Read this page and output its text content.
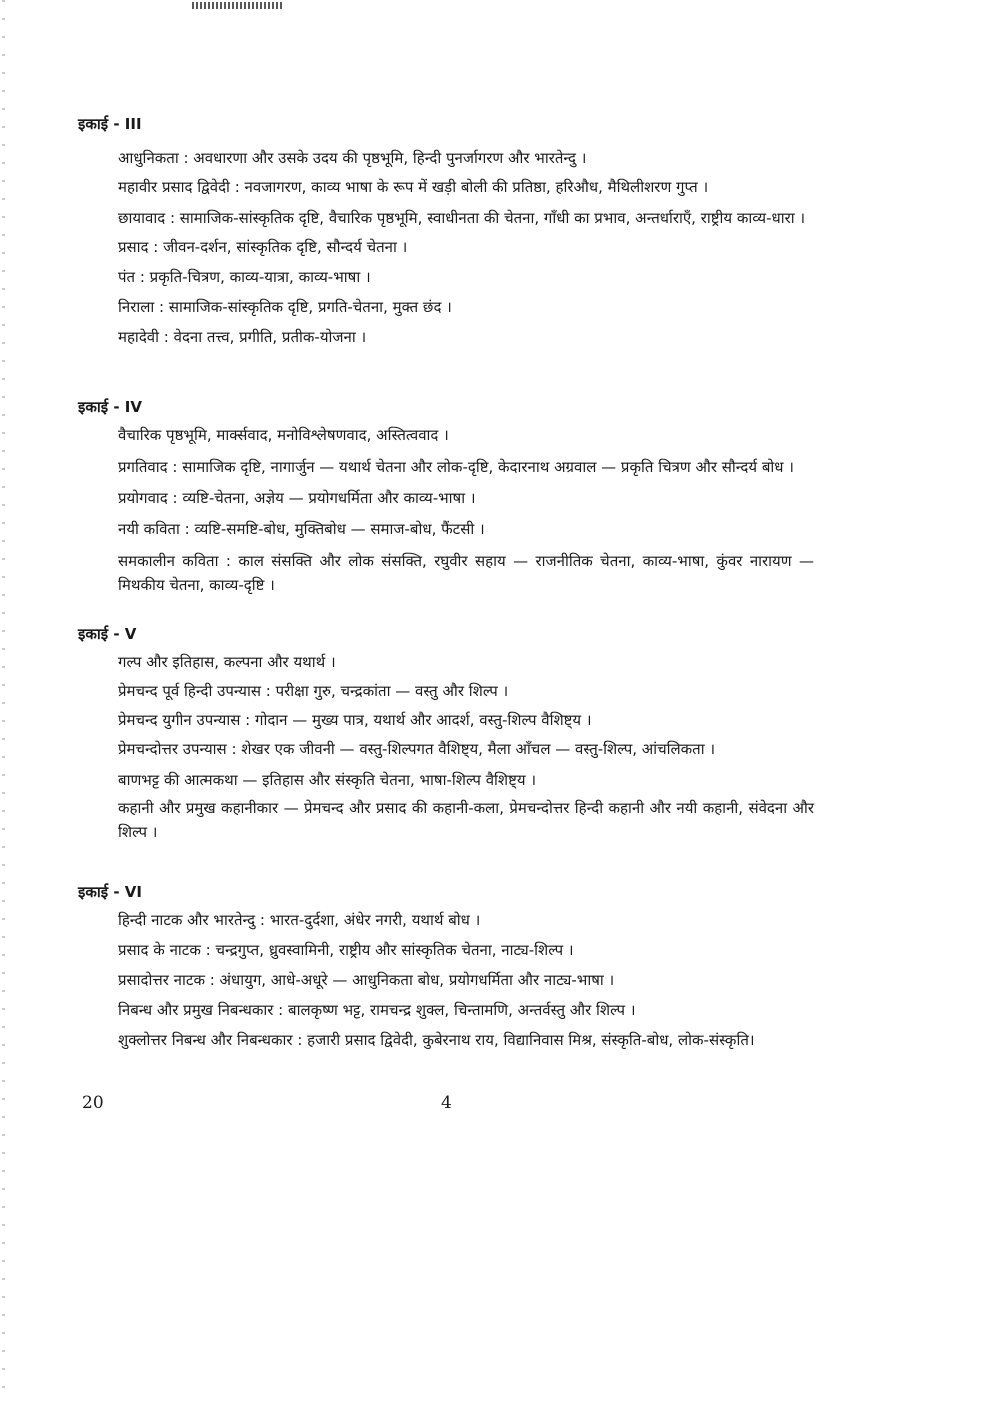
इकाई - III

आधुनिकता : अवधारणा और उसके उदय की पृष्ठभूमि, हिन्दी पुनर्जागरण और भारतेन्दु ।

महावीर प्रसाद द्विवेदी : नवजागरण, काव्य भाषा के रूप में खड़ी बोली की प्रतिष्ठा, हरिऔध, मैथिलीशरण गुप्त ।

छायावाद : सामाजिक-सांस्कृतिक दृष्टि, वैचारिक पृष्ठभूमि, स्वाधीनता की चेतना, गाँधी का प्रभाव, अन्तर्धाराएँ, राष्ट्रीय काव्य-धारा ।

प्रसाद : जीवन-दर्शन, सांस्कृतिक दृष्टि, सौन्दर्य चेतना ।

पंत : प्रकृति-चित्रण, काव्य-यात्रा, काव्य-भाषा ।

निराला : सामाजिक-सांस्कृतिक दृष्टि, प्रगति-चेतना, मुक्त छंद ।

महादेवी : वेदना तत्त्व, प्रगीति, प्रतीक-योजना ।

इकाई - IV

वैचारिक पृष्ठभूमि, मार्क्सवाद, मनोविश्लेषणवाद, अस्तित्ववाद ।

प्रगतिवाद : सामाजिक दृष्टि, नागार्जुन — यथार्थ चेतना और लोक-दृष्टि, केदारनाथ अग्रवाल — प्रकृति चित्रण और सौन्दर्य बोध ।

प्रयोगवाद : व्यष्टि-चेतना, अज्ञेय — प्रयोगधर्मिता और काव्य-भाषा ।

नयी कविता : व्यष्टि-समष्टि-बोध, मुक्तिबोध — समाज-बोध, फैंटसी ।

समकालीन कविता : काल संसक्ति और लोक संसक्ति, रघुवीर सहाय — राजनीतिक चेतना, काव्य-भाषा, कुंवर नारायण — मिथकीय चेतना, काव्य-दृष्टि ।

इकाई - V

गल्प और इतिहास, कल्पना और यथार्थ ।

प्रेमचन्द पूर्व हिन्दी उपन्यास : परीक्षा गुरु, चन्द्रकांता — वस्तु और शिल्प ।

प्रेमचन्द युगीन उपन्यास : गोदान — मुख्य पात्र, यथार्थ और आदर्श, वस्तु-शिल्प वैशिष्ट्य ।

प्रेमचन्दोत्तर उपन्यास : शेखर एक जीवनी — वस्तु-शिल्पगत वैशिष्ट्य, मैला आँचल — वस्तु-शिल्प, आंचलिकता ।

बाणभट्ट की आत्मकथा — इतिहास और संस्कृति चेतना, भाषा-शिल्प वैशिष्ट्य ।

कहानी और प्रमुख कहानीकार — प्रेमचन्द और प्रसाद की कहानी-कला, प्रेमचन्दोत्तर हिन्दी कहानी और नयी कहानी, संवेदना और शिल्प ।

इकाई - VI

हिन्दी नाटक और भारतेन्दु : भारत-दुर्दशा, अंधेर नगरी, यथार्थ बोध ।

प्रसाद के नाटक : चन्द्रगुप्त, ध्रुवस्वामिनी, राष्ट्रीय और सांस्कृतिक चेतना, नाट्य-शिल्प ।

प्रसादोत्तर नाटक : अंधायुग, आधे-अधूरे — आधुनिकता बोध, प्रयोगधर्मिता और नाट्य-भाषा ।

निबन्ध और प्रमुख निबन्धकार : बालकृष्ण भट्ट, रामचन्द्र शुक्ल, चिन्तामणि, अन्तर्वस्तु और शिल्प ।

शुक्लोत्तर निबन्ध और निबन्धकार : हजारी प्रसाद द्विवेदी, कुबेरनाथ राय, विद्यानिवास मिश्र, संस्कृति-बोध, लोक-संस्कृति।

20	4
